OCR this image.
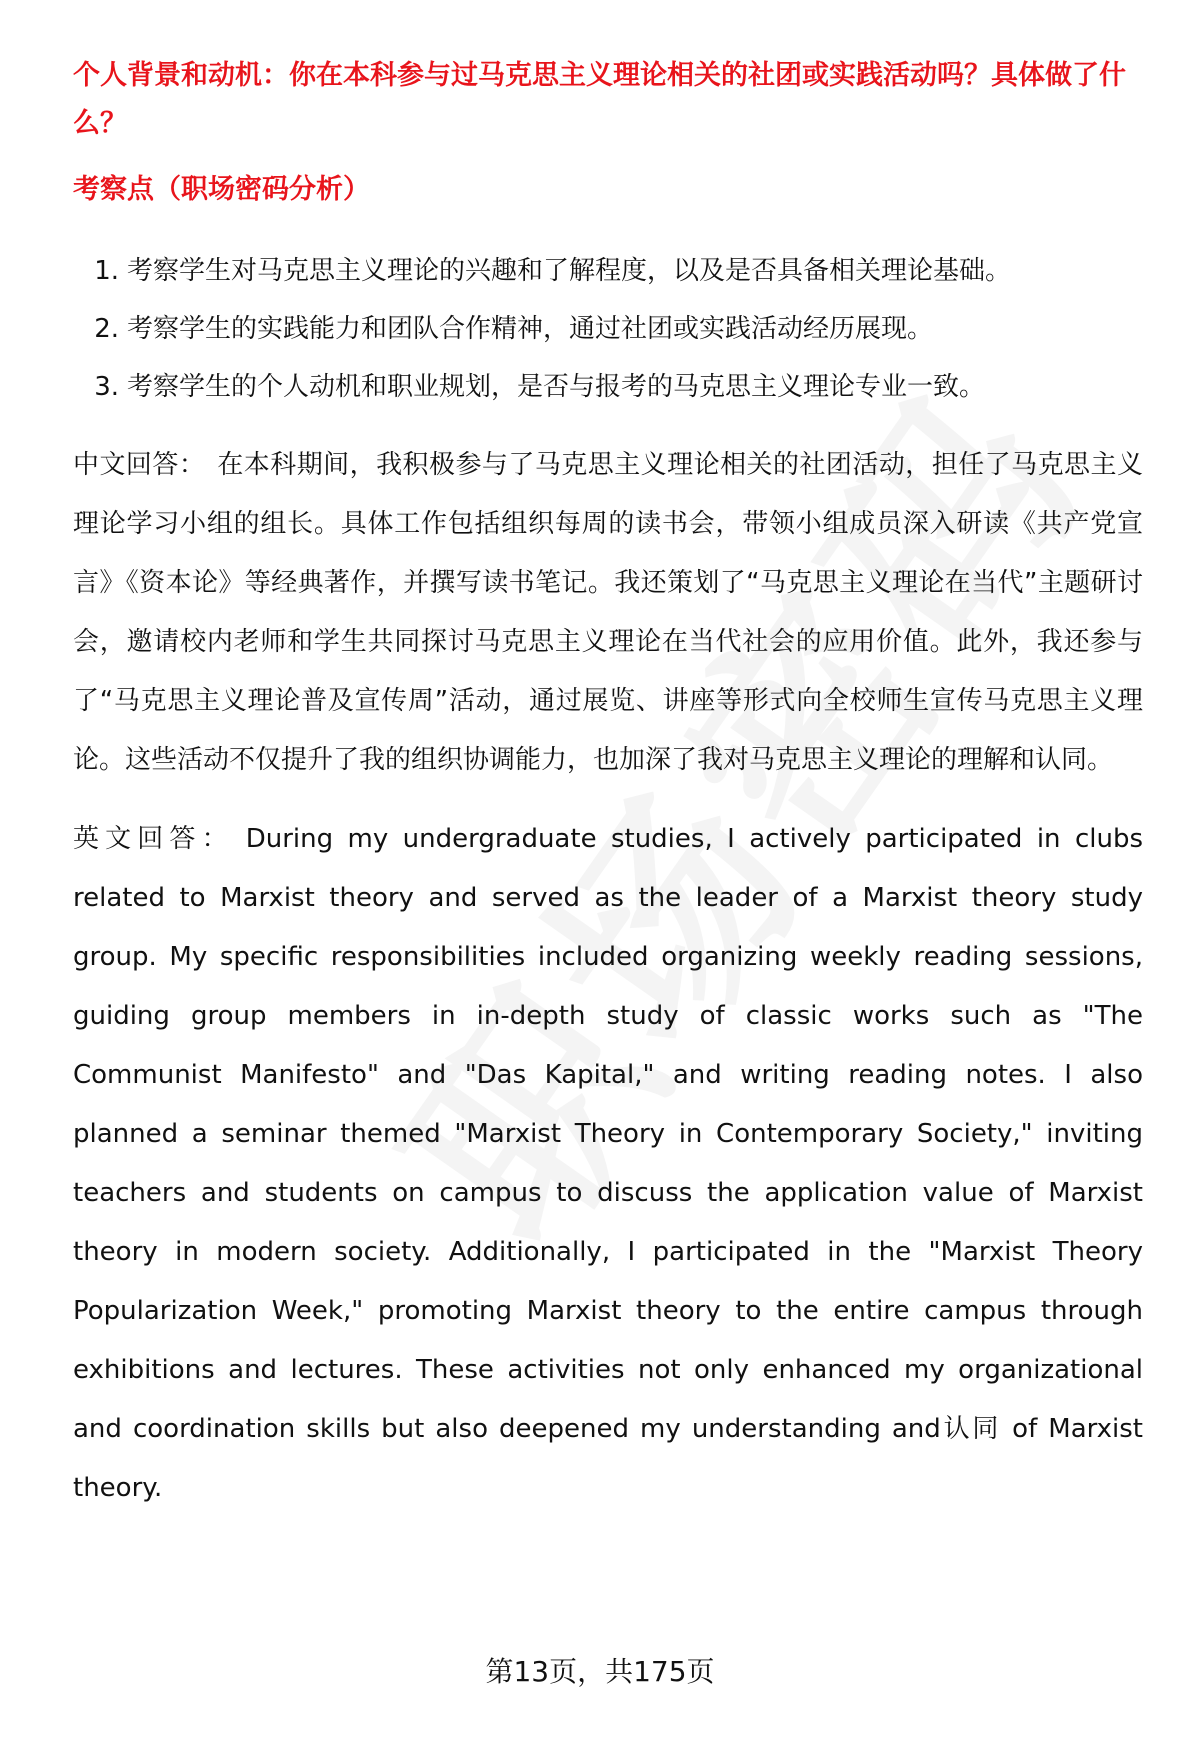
个人背景和动机：你在本科参与过马克思主义理论相关的社团或实践活动吗？具体做了什么？
考察点（职场密码分析）
1. 考察学生对马克思主义理论的兴趣和了解程度，以及是否具备相关理论基础。
2. 考察学生的实践能力和团队合作精神，通过社团或实践活动经历展现。
3. 考察学生的个人动机和职业规划，是否与报考的马克思主义理论专业一致。

中文回答： 在本科期间，我积极参与了马克思主义理论相关的社团活动，担任了马克思主义理论学习小组的组长。具体工作包括组织每周的读书会，带领小组成员深入研读《共产党宣言》《资本论》等经典著作，并撰写读书笔记。我还策划了“马克思主义理论在当代”主题研讨会，邀请校内老师和学生共同探讨马克思主义理论在当代社会的应用价值。此外，我还参与了“马克思主义理论普及宣传周”活动，通过展览、讲座等形式向全校师生宣传马克思主义理论。这些活动不仅提升了我的组织协调能力，也加深了我对马克思主义理论的理解和认同。

英文回答： During my undergraduate studies, I actively participated in clubs related to Marxist theory and served as the leader of a Marxist theory study group. My specific responsibilities included organizing weekly reading sessions, guiding group members in in-depth study of classic works such as "The Communist Manifesto" and "Das Kapital," and writing reading notes. I also planned a seminar themed "Marxist Theory in Contemporary Society," inviting teachers and students on campus to discuss the application value of Marxist theory in modern society. Additionally, I participated in the "Marxist Theory Popularization Week," promoting Marxist theory to the entire campus through exhibitions and lectures. These activities not only enhanced my organizational and coordination skills but also deepened my understanding and认同 of Marxist theory.

第13页，共175页
